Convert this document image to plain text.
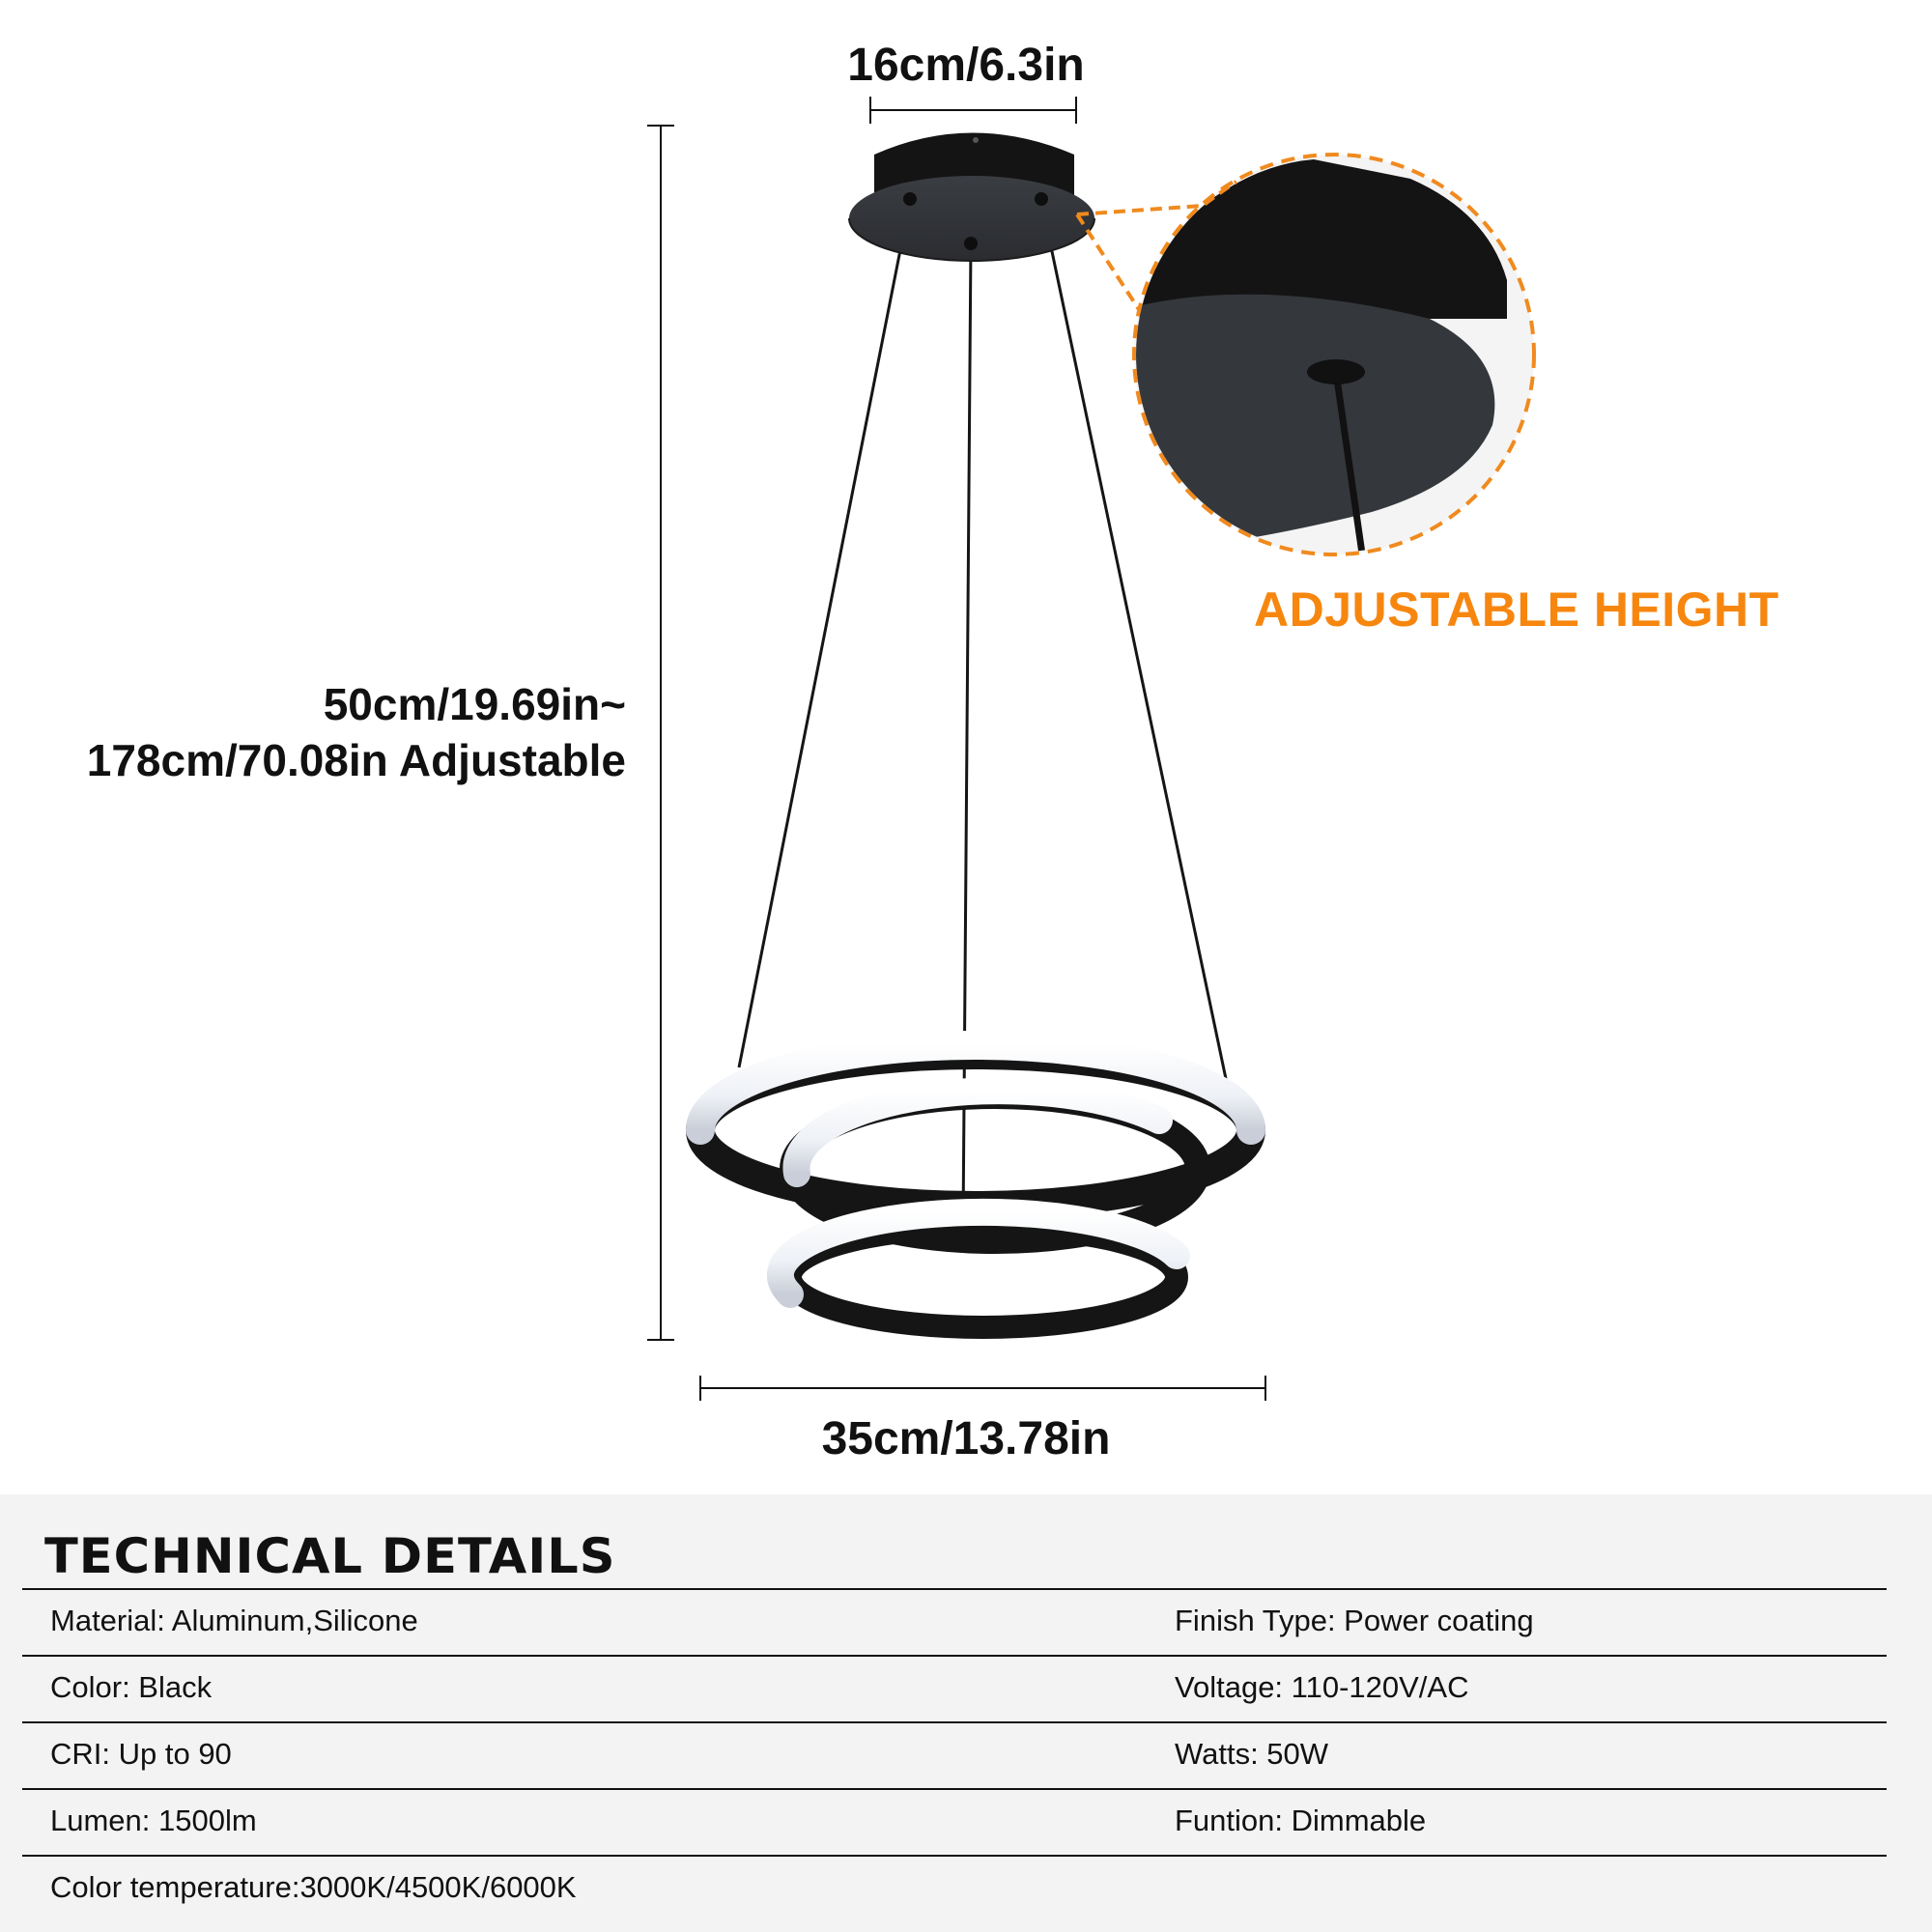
16cm/6.3in
50cm/19.69in~
178cm/70.08in Adjustable
35cm/13.78in
ADJUSTABLE HEIGHT
TECHNICAL DETAILS
Material: Aluminum,Silicone	Finish Type: Power coating
Color: Black	Voltage: 110-120V/AC
CRI: Up to 90	Watts: 50W
Lumen: 1500lm	Funtion: Dimmable
Color temperature:3000K/4500K/6000K
